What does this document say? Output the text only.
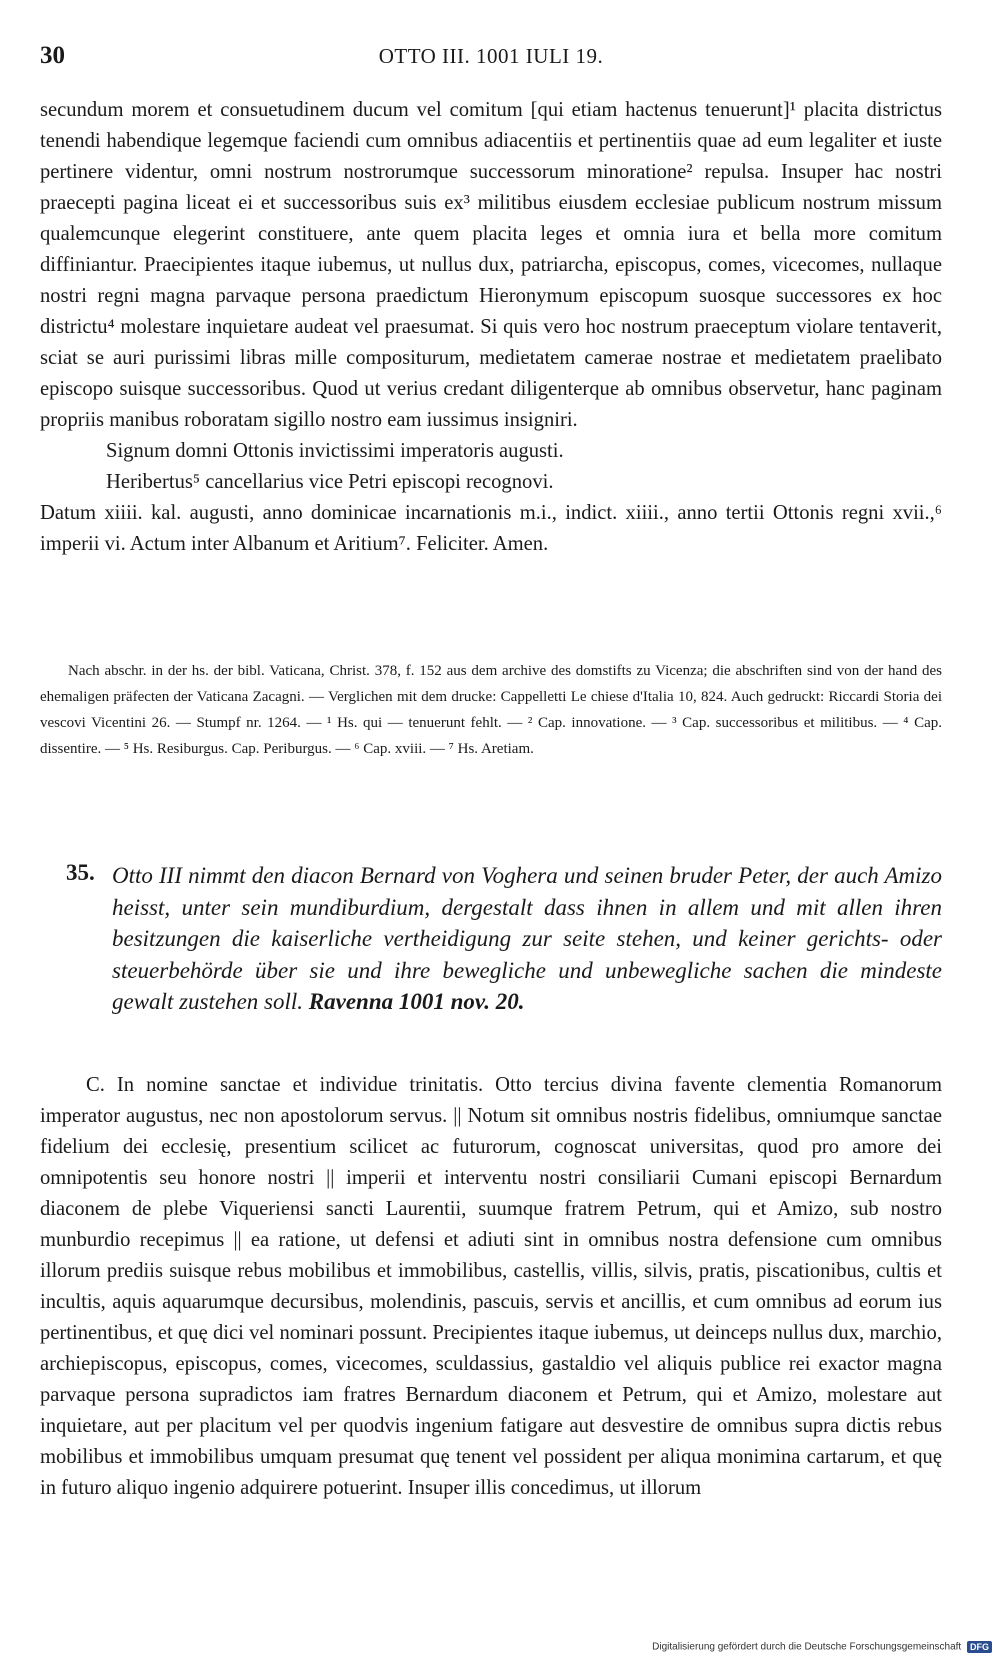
30	OTTO III. 1001 IULI 19.

secundum morem et consuetudinem ducum vel comitum [qui etiam hactenus tenuerunt]¹ placita districtus tenendi habendique legemque faciendi cum omnibus adiacentiis et pertinentiis quae ad eum legaliter et iuste pertinere videntur, omni nostrum nostrorumque successorum minoratione² repulsa. Insuper hac nostri praecepti pagina liceat ei et successoribus suis ex³ militibus eiusdem ecclesiae publicum nostrum missum qualemcunque elegerint constituere, ante quem placita leges et omnia iura et bella more comitum diffiniantur. Praecipientes itaque iubemus, ut nullus dux, patriarcha, episcopus, comes, vicecomes, nullaque nostri regni magna parvaque persona praedictum Hieronymum episcopum suosque successores ex hoc districtu⁴ molestare inquietare audeat vel praesumat. Si quis vero hoc nostrum praeceptum violare tentaverit, sciat se auri purissimi libras mille compositurum, medietatem camerae nostrae et medietatem praelibato episcopo suisque successoribus. Quod ut verius credant diligenterque ab omnibus observetur, hanc paginam propriis manibus roboratam sigillo nostro eam iussimus insigniri.

Signum domni Ottonis invictissimi imperatoris augusti.

Heribertus⁵ cancellarius vice Petri episcopi recognovi.

Datum xiiii. kal. augusti, anno dominicae incarnationis m.i., indict. xiiii., anno tertii Ottonis regni xvii.,⁶ imperii vi. Actum inter Albanum et Aritium⁷. Feliciter. Amen.

Nach abschr. in der hs. der bibl. Vaticana, Christ. 378, f. 152 aus dem archive des domstifts zu Vicenza; die abschriften sind von der hand des ehemaligen präfecten der Vaticana Zacagni. — Verglichen mit dem drucke: Cappelletti Le chiese d'Italia 10, 824. Auch gedruckt: Riccardi Storia dei vescovi Vicentini 26. — Stumpf nr. 1264. — ¹ Hs. qui — tenuerunt fehlt. — ² Cap. innovatione. — ³ Cap. successoribus et militibus. — ⁴ Cap. dissentire. — ⁵ Hs. Resiburgus. Cap. Periburgus. — ⁶ Cap. xviii. — ⁷ Hs. Aretiam.

35. Otto III nimmt den diacon Bernard von Voghera und seinen bruder Peter, der auch Amizo heisst, unter sein mundiburdium, dergestalt dass ihnen in allem und mit allen ihren besitzungen die kaiserliche vertheidigung zur seite stehen, und keiner gerichts- oder steuerbehörde über sie und ihre bewegliche und unbewegliche sachen die mindeste gewalt zustehen soll. Ravenna 1001 nov. 20.

C. In nomine sanctae et individue trinitatis. Otto tercius divina favente clementia Romanorum imperator augustus, nec non apostolorum servus. || Notum sit omnibus nostris fidelibus, omniumque sanctae fidelium dei ecclesię, presentium scilicet ac futurorum, cognoscat universitas, quod pro amore dei omnipotentis seu honore nostri || imperii et interventu nostri consiliarii Cumani episcopi Bernardum diaconem de plebe Viqueriensi sancti Laurentii, suumque fratrem Petrum, qui et Amizo, sub nostro munburdio recepimus || ea ratione, ut defensi et adiuti sint in omnibus nostra defensione cum omnibus illorum prediis suisque rebus mobilibus et immobilibus, castellis, villis, silvis, pratis, piscationibus, cultis et incultis, aquis aquarumque decursibus, molendinis, pascuis, servis et ancillis, et cum omnibus ad eorum ius pertinentibus, et quę dici vel nominari possunt. Precipientes itaque iubemus, ut deinceps nullus dux, marchio, archiepiscopus, episcopus, comes, vicecomes, sculdassius, gastaldio vel aliquis publice rei exactor magna parvaque persona supradictos iam fratres Bernardum diaconem et Petrum, qui et Amizo, molestare aut inquietare, aut per placitum vel per quodvis ingenium fatigare aut desvestire de omnibus supra dictis rebus mobilibus et immobilibus umquam presumat quę tenent vel possident per aliqua monimina cartarum, et quę in futuro aliquo ingenio adquirere potuerint. Insuper illis concedimus, ut illorum

Digitalisierung gefördert durch die Deutsche Forschungsgemeinschaft DFG
